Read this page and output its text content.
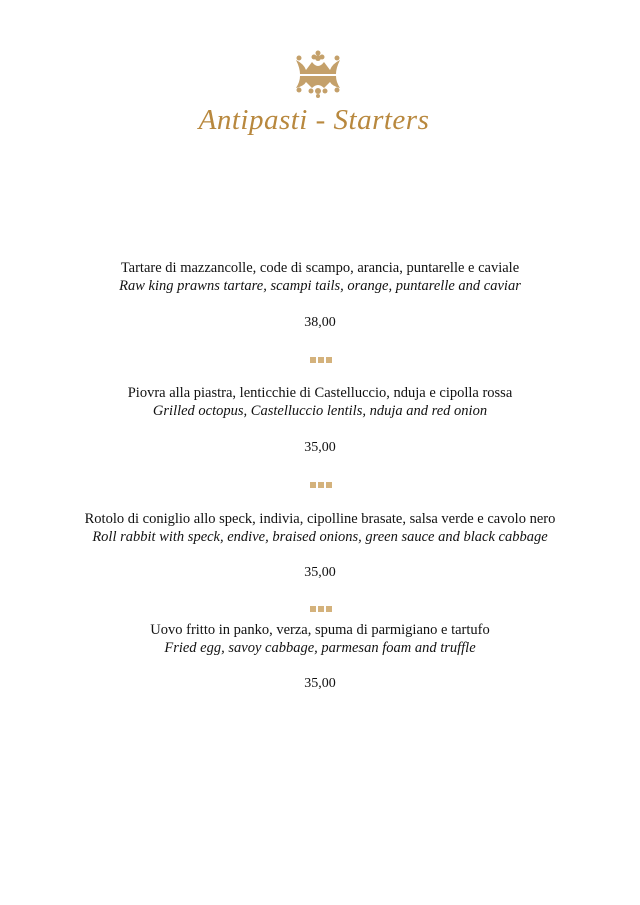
Antipasti - Starters
Tartare di mazzancolle, code di scampo, arancia, puntarelle e caviale
Raw king prawns tartare, scampi tails, orange, puntarelle and caviar
38,00
Piovra alla piastra, lenticchie di Castelluccio, nduja e cipolla rossa
Grilled octopus, Castelluccio lentils, nduja and red onion
35,00
Rotolo di coniglio allo speck, indivia, cipolline brasate, salsa verde e cavolo nero
Roll rabbit with speck, endive, braised onions, green sauce and black cabbage
35,00
Uovo fritto in panko, verza, spuma di parmigiano e tartufo
Fried egg, savoy cabbage, parmesan foam and truffle
35,00
